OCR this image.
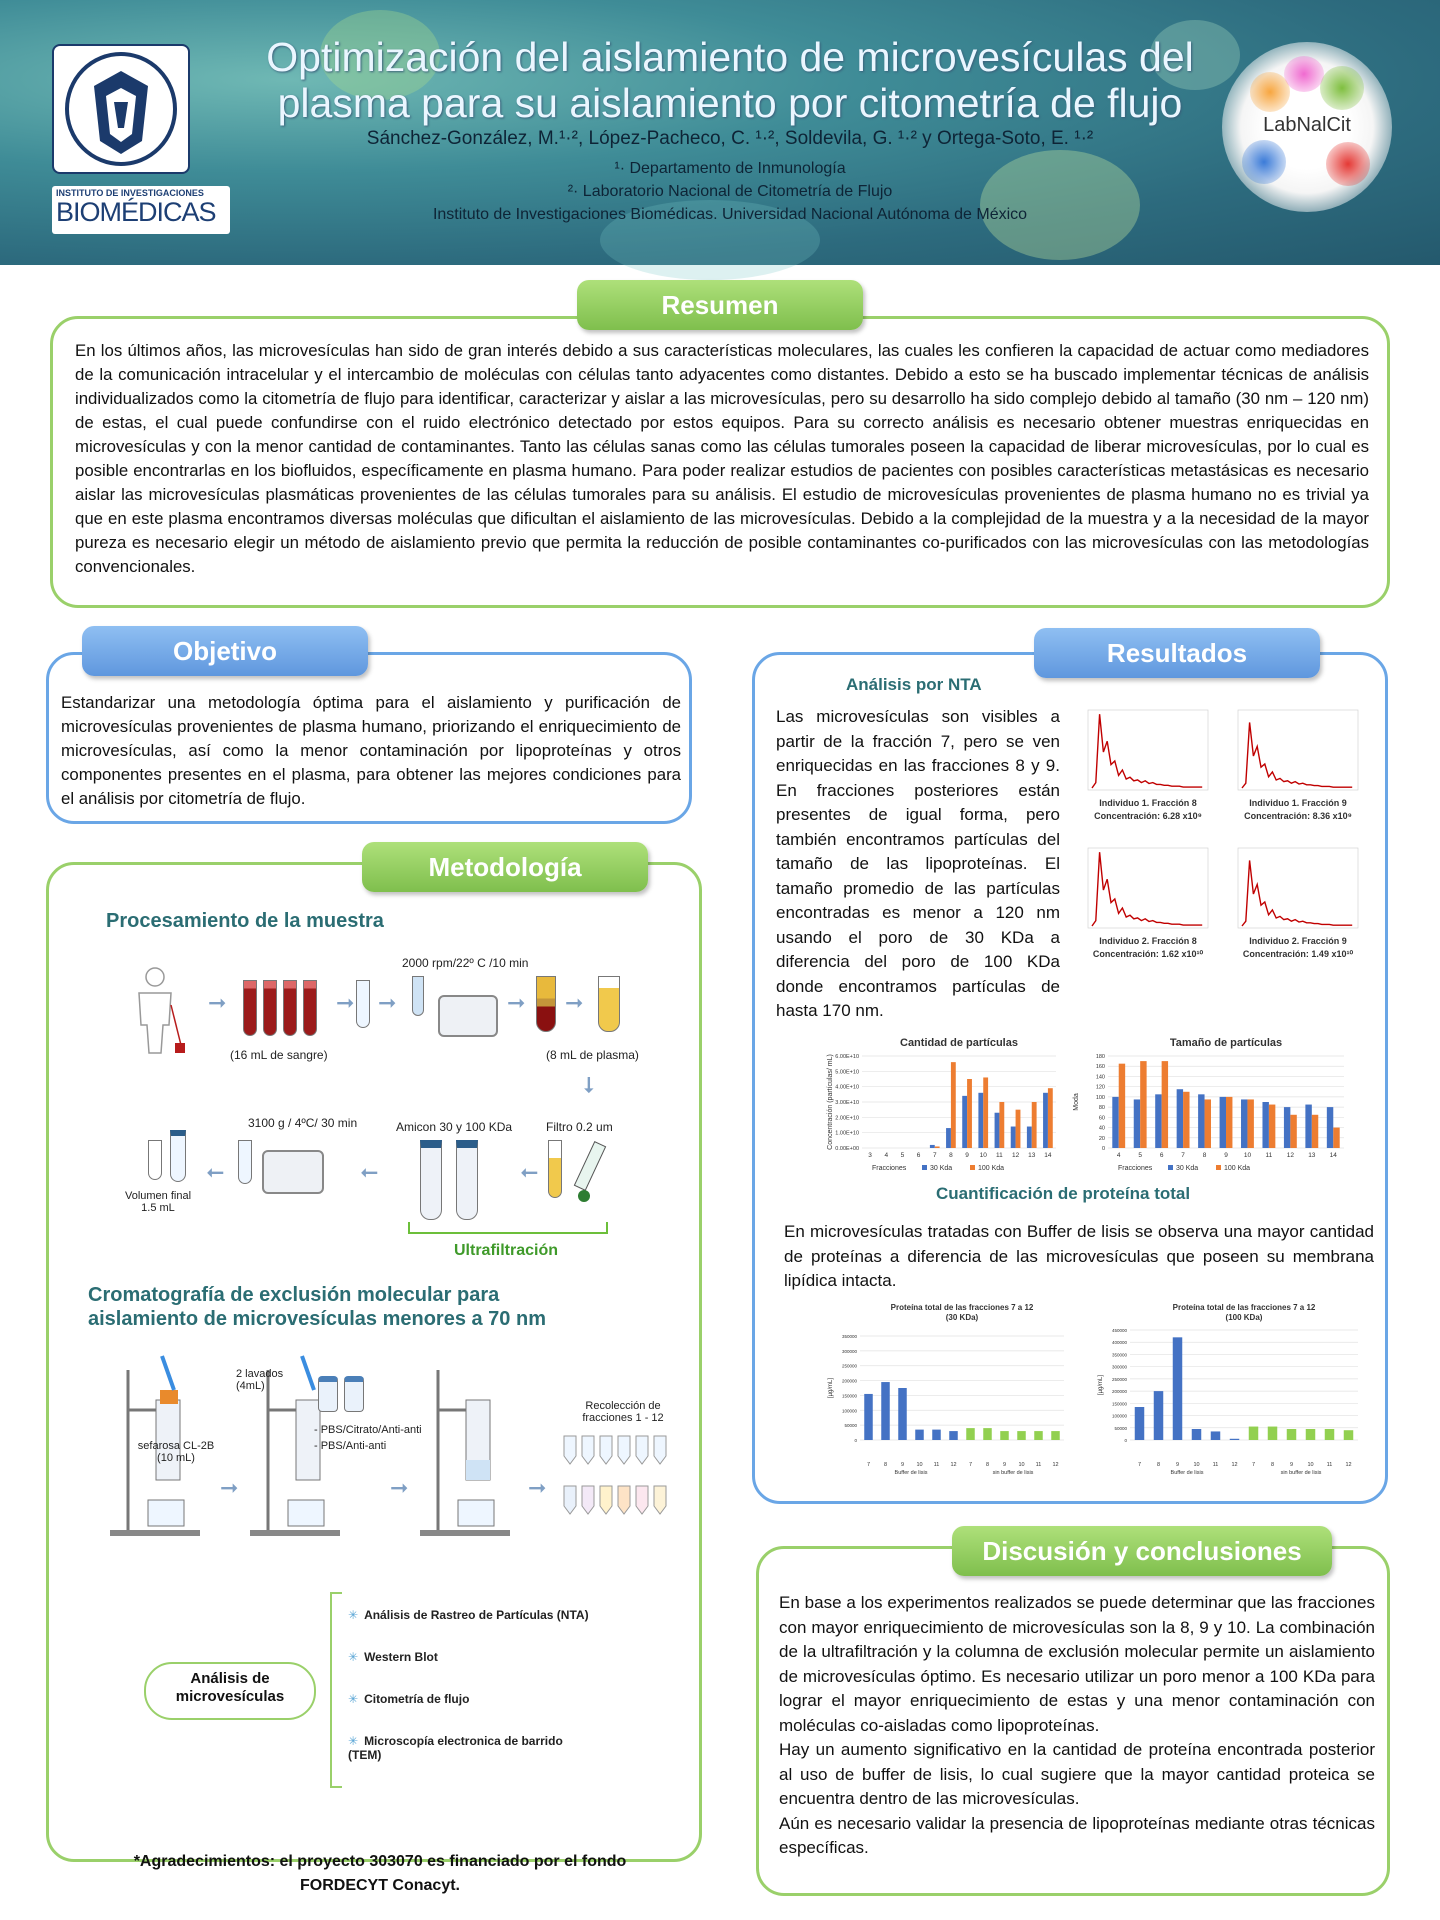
INSTITUTO DE INVESTIGACIONES
BIOMÉDICAS
Optimización del aislamiento de microvesículas del
plasma para su aislamiento por citometría de flujo
Sánchez-González, M.¹·², López-Pacheco, C. ¹·², Soldevila, G. ¹·² y Ortega-Soto, E. ¹·²
¹· Departamento de Inmunología
²· Laboratorio Nacional de Citometría de Flujo
Instituto de Investigaciones Biomédicas. Universidad Nacional Autónoma de México
LabNalCit
En los últimos años, las microvesículas han sido de gran interés debido a sus características moleculares, las cuales les confieren la capacidad de actuar como mediadores de la comunicación intracelular y el intercambio de moléculas con células tanto adyacentes como distantes. Debido a esto se ha buscado implementar técnicas de análisis individualizados como la citometría de flujo para identificar, caracterizar y aislar a las microvesículas, pero su desarrollo ha sido complejo debido al tamaño (30 nm – 120 nm) de estas, el cual puede confundirse con el ruido electrónico detectado por estos equipos. Para su correcto análisis es necesario obtener muestras enriquecidas en microvesículas y con la menor cantidad de contaminantes. Tanto las células sanas como las células tumorales poseen la capacidad de liberar microvesículas, por lo cual es posible encontrarlas en los biofluidos, específicamente en plasma humano. Para poder realizar estudios de pacientes con posibles características metastásicas es necesario aislar las microvesículas plasmáticas provenientes de las células tumorales para su análisis. El estudio de microvesículas provenientes de plasma humano no es trivial ya que en este plasma encontramos diversas moléculas que dificultan el aislamiento de las microvesículas. Debido a la complejidad de la muestra y a la necesidad de la mayor pureza es necesario elegir un método de aislamiento previo que permita la reducción de posible contaminantes co-purificados con las microvesículas con las metodologías convencionales.
Resumen
Estandarizar una metodología óptima para el aislamiento y purificación de microvesículas provenientes de plasma humano, priorizando el enriquecimiento de microvesículas, así como la menor contaminación por lipoproteínas y otros componentes presentes en el plasma, para obtener las mejores condiciones para el análisis por citometría de flujo.
Objetivo
Metodología
Procesamiento de la muestra
➞	➞ ➞
2000 rpm/22º C /10 min
➞ ➞
(16 mL de sangre)	(8 mL de plasma)
➞
Filtro 0.2 um
Amicon 30 y 100 KDa
➞
➞
3100 g / 4ºC/ 30 min
➞
Volumen final 1.5 mL
Ultrafiltración
Cromatografía de exclusión molecular para
aislamiento de microvesículas menores a 70 nm
sefarosa CL-2B (10 mL)
➞
2 lavados (4mL)
- PBS/Citrato/Anti-anti
- PBS/Anti-anti
➞	➞
Recolección de fracciones 1 - 12
Análisis de microvesículas
✳ Análisis de Rastreo de Partículas (NTA)
✳ Western Blot
✳ Citometría de flujo
✳ Microscopía electronica de barrido (TEM)
*Agradecimientos: el proyecto 303070 es financiado por el fondo
FORDECYT Conacyt.
Resultados
Análisis por NTA
Las microvesículas son visibles a partir de la fracción 7, pero se ven enriquecidas en las fracciones 8 y 9. En fracciones posteriores están presentes de igual forma, pero también encontramos partículas del tamaño de las lipoproteínas. El tamaño promedio de las partículas encontradas es menor a 120 nm usando el poro de 30 KDa a diferencia del poro de 100 KDa donde encontramos partículas de hasta 170 nm.
Individuo 1. Fracción 8
Concentración: 6.28 x10⁹
Individuo 1. Fracción 9
Concentración: 8.36 x10⁹
Individuo 2. Fracción 8
Concentración: 1.62 x10¹⁰
Individuo 2. Fracción 9
Concentración: 1.49 x10¹⁰
Cantidad de partículas
0.00E+00
1.00E+10
2.00E+10
3.00E+10
4.00E+10
5.00E+10
6.00E+10
3 4 5 6 7 8 9 10 11 12 13 14
Concentración (partículas/ mL)
Fracciones	30 Kda	100 Kda
Tamaño de partículas
0
20
40
60
80
100
120
140
160
180
4	5	6	7	8	9 10 11 12 13 14
Moda
Fracciones	30 Kda	100 Kda
Cuantificación de proteína total
En microvesículas tratadas con Buffer de lisis se observa una mayor cantidad de proteínas a diferencia de las microvesículas que poseen su membrana lipídica intacta.
Proteína total de las fracciones 7 a 12
(30 KDa)
0
50000
100000
150000
200000
250000
300000
350000
7	8	9 10 11 12 7	8	9 10 11 12
[µg/mL]
Buffer de lisis	sin buffer de lisis
Proteína total de las fracciones 7 a 12
(100 KDa)
0
50000
100000
150000
200000
250000
300000
350000
400000
450000
7	8	9	10 11 12	7	8	9	10 11 12
[µg/mL]
Buffer de lisis	sin buffer de lisis
En base a los experimentos realizados se puede determinar que las fracciones con mayor enriquecimiento de microvesículas son la 8, 9 y 10. La combinación de la ultrafiltración y la columna de exclusión molecular permite un aislamiento de microvesículas óptimo. Es necesario utilizar un poro menor a 100 KDa para lograr el mayor enriquecimiento de estas y una menor contaminación con moléculas co-aisladas como lipoproteínas.
Hay un aumento significativo en la cantidad de proteína encontrada posterior al uso de buffer de lisis, lo cual sugiere que la mayor cantidad proteica se encuentra dentro de las microvesículas.
Aún es necesario validar la presencia de lipoproteínas mediante otras técnicas específicas.
Discusión y conclusiones
